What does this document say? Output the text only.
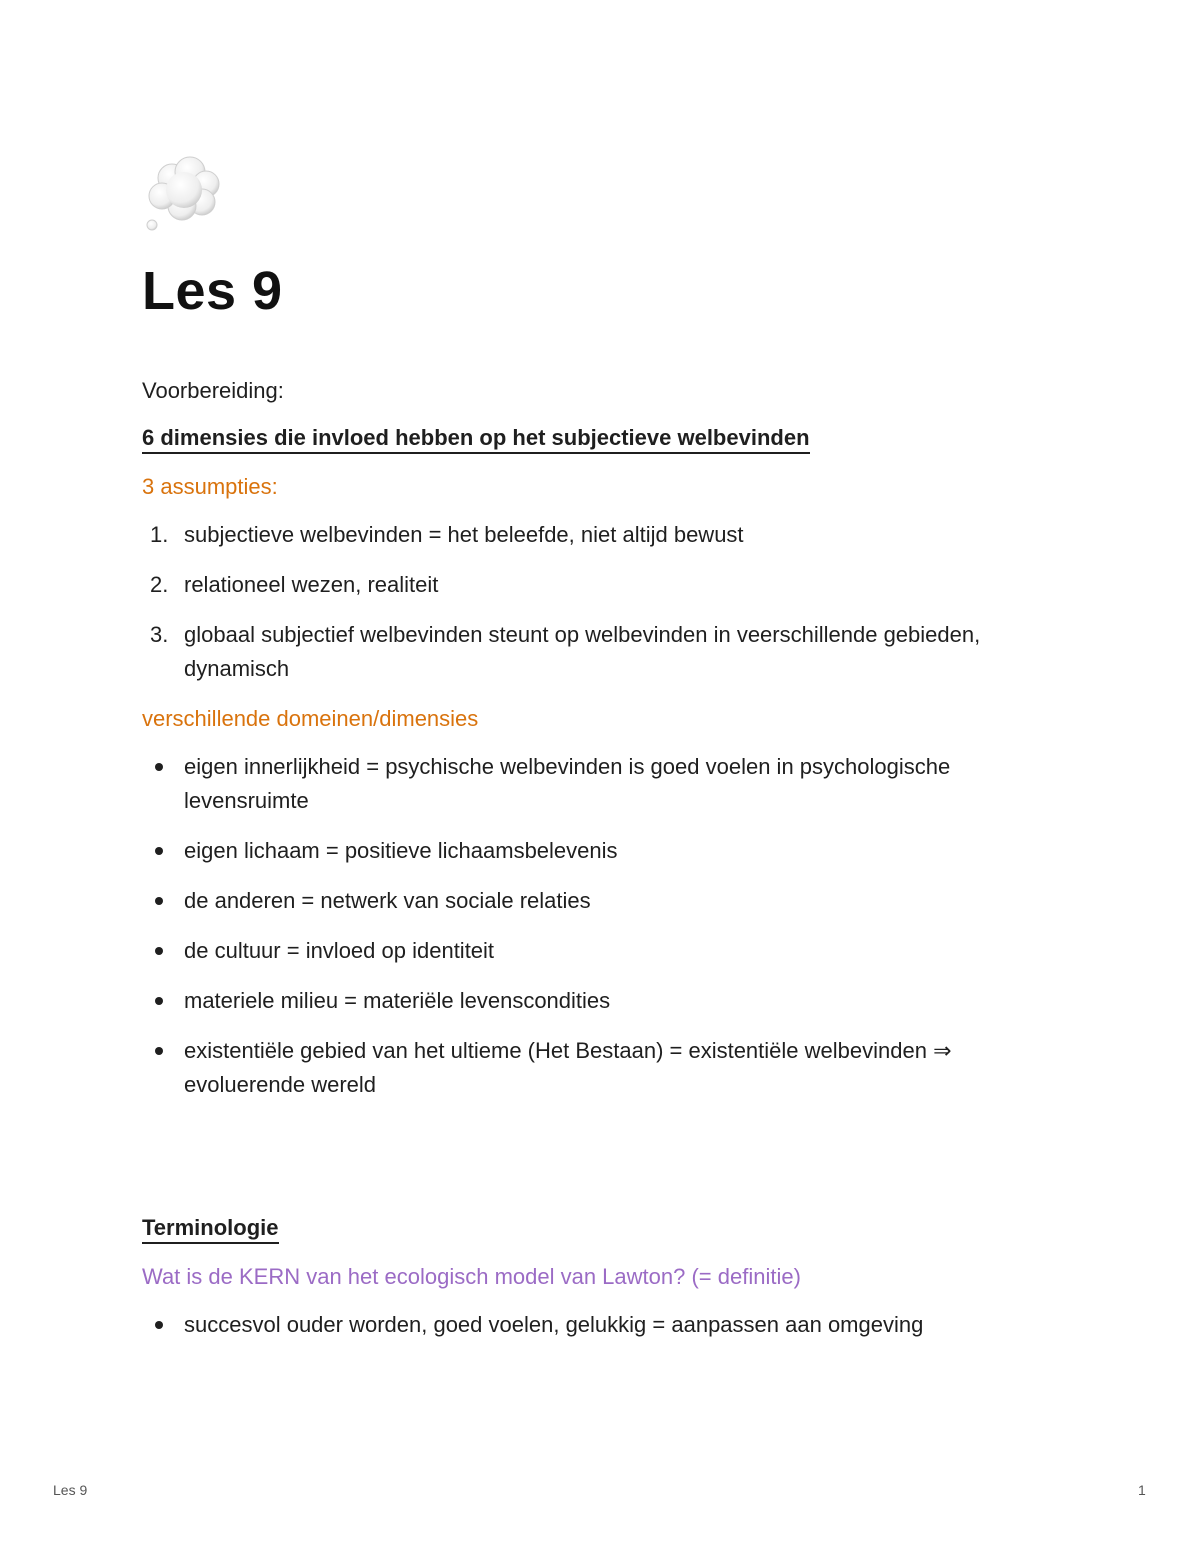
Les 9

Voorbereiding:

6 dimensies die invloed hebben op het subjectieve welbevinden

3 assumpties:

1. subjectieve welbevinden = het beleefde, niet altijd bewust
2. relationeel wezen, realiteit
3. globaal subjectief welbevinden steunt op welbevinden in veerschillende gebieden, dynamisch

verschillende domeinen/dimensies

eigen innerlijkheid = psychische welbevinden is goed voelen in psychologische levensruimte
eigen lichaam = positieve lichaamsbelevenis
de anderen = netwerk van sociale relaties
de cultuur = invloed op identiteit
materiele milieu = materiële levenscondities
existentiële gebied van het ultieme (Het Bestaan) = existentiële welbevinden ⇒ evoluerende wereld
Terminologie

Wat is de KERN van het ecologisch model van Lawton? (= definitie)

succesvol ouder worden, goed voelen, gelukkig = aanpassen aan omgeving
Les 9	1
